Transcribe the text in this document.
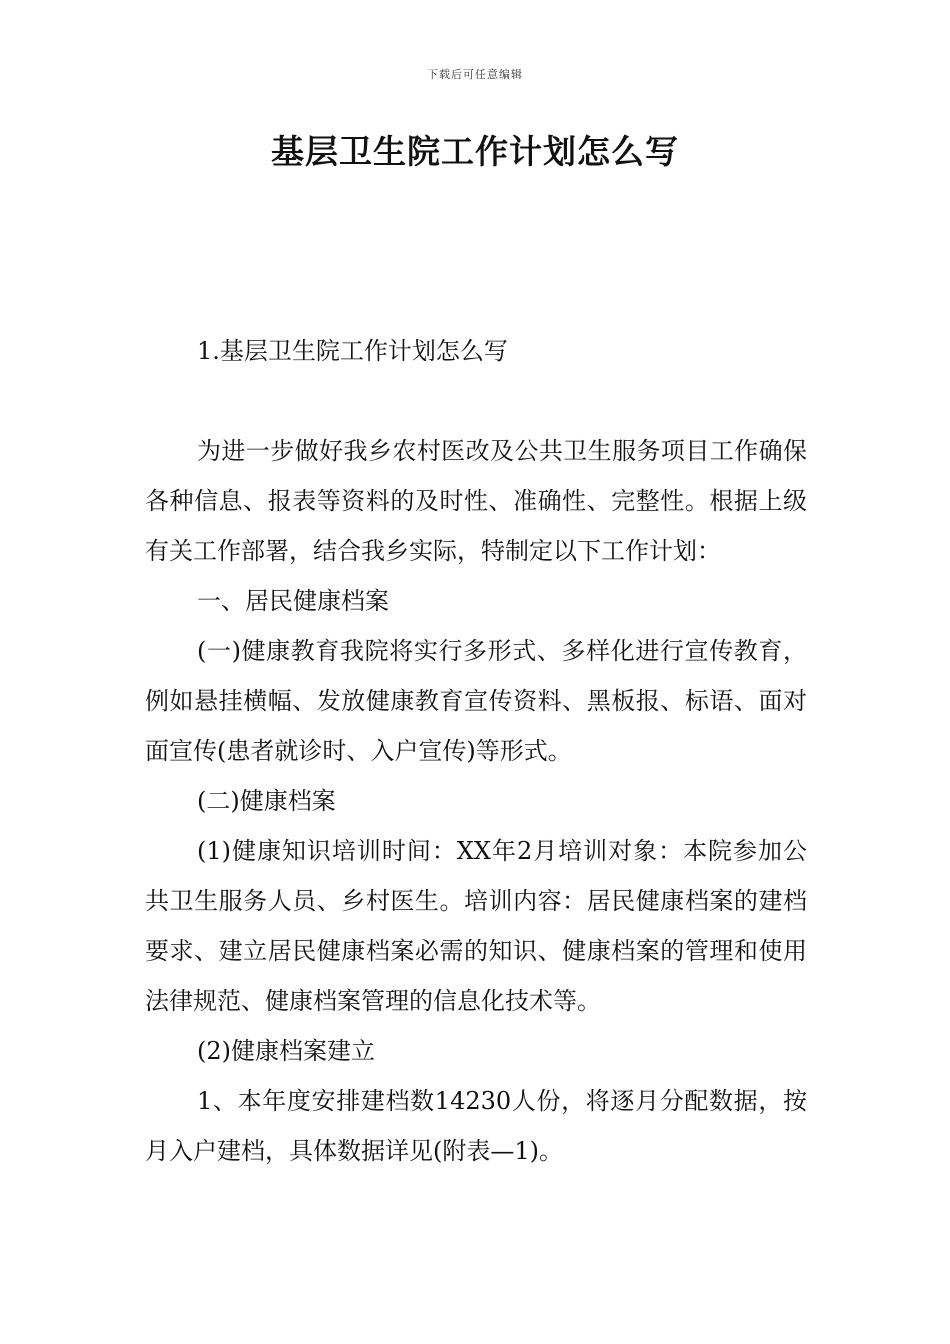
下载后可任意编辑
基层卫生院工作计划怎么写

1.基层卫生院工作计划怎么写

为进一步做好我乡农村医改及公共卫生服务项目工作确保各种信息、报表等资料的及时性、准确性、完整性。根据上级有关工作部署，结合我乡实际，特制定以下工作计划：

一、居民健康档案

(一)健康教育我院将实行多形式、多样化进行宣传教育，例如悬挂横幅、发放健康教育宣传资料、黑板报、标语、面对面宣传(患者就诊时、入户宣传)等形式。

(二)健康档案

(1)健康知识培训时间：XX年2月培训对象：本院参加公共卫生服务人员、乡村医生。培训内容：居民健康档案的建档要求、建立居民健康档案必需的知识、健康档案的管理和使用法律规范、健康档案管理的信息化技术等。

(2)健康档案建立

1、本年度安排建档数14230人份，将逐月分配数据，按月入户建档，具体数据详见(附表—1)。
